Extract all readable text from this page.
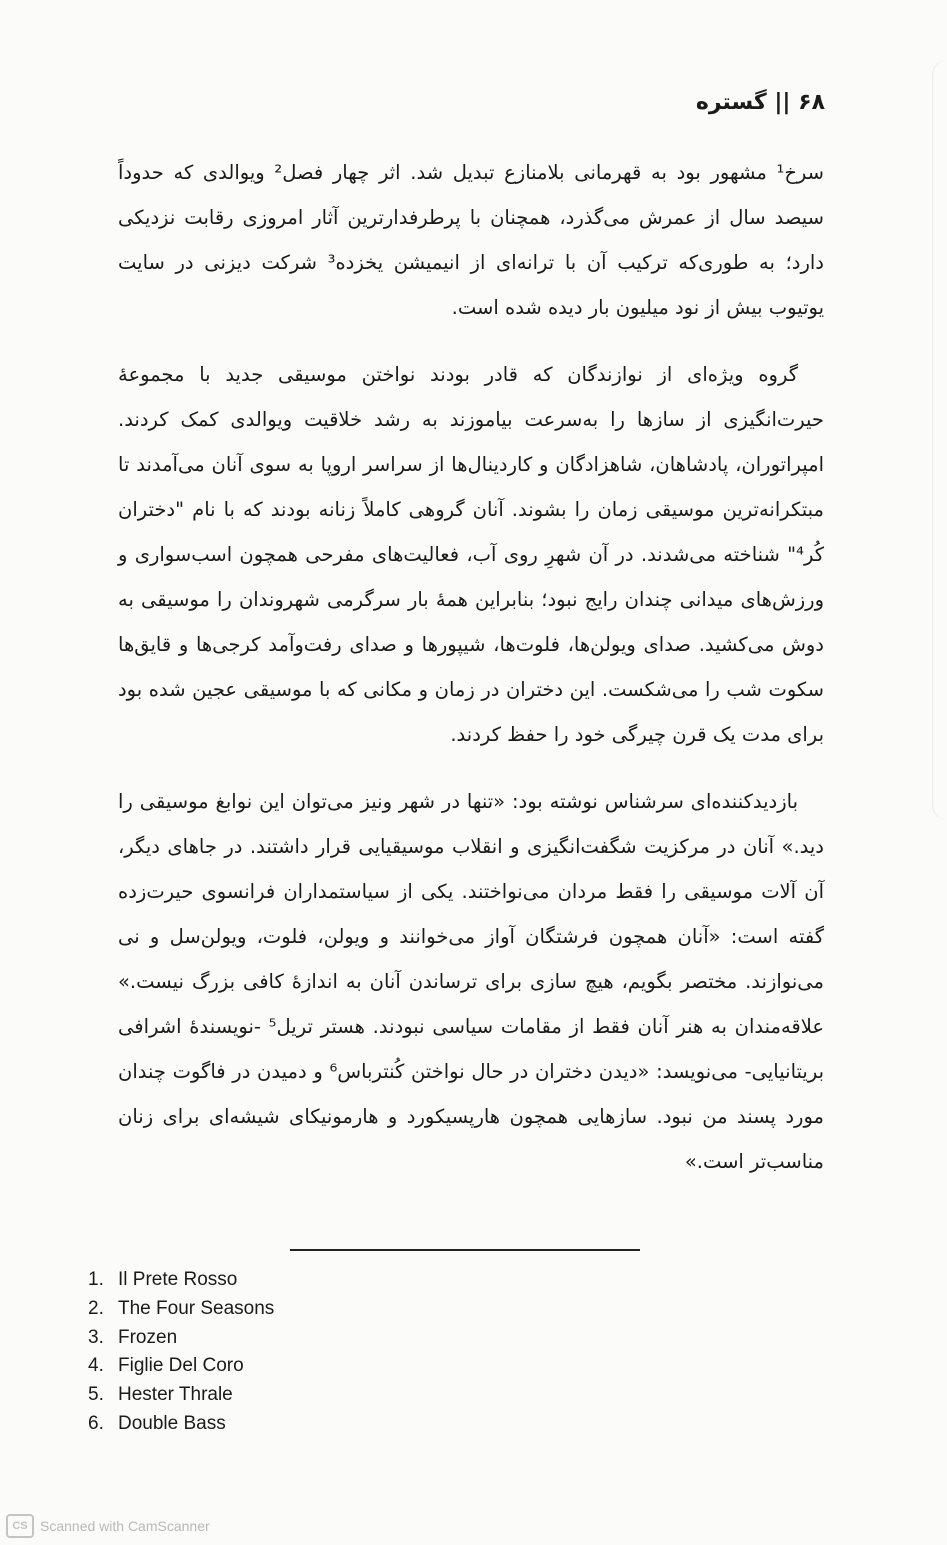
۶۸ || گستره

سرخ¹ مشهور بود به قهرمانی بلامنازع تبدیل شد. اثر چهار فصل² ویوالدی که حدوداً سیصد سال از عمرش می‌گذرد، همچنان با پرطرفدارترین آثار امروزی رقابت نزدیکی دارد؛ به طوری‌که ترکیب آن با ترانه‌ای از انیمیشن یخزده³ شرکت دیزنی در سایت یوتیوب بیش از نود میلیون بار دیده شده است.

گروه ویژه‌ای از نوازندگان که قادر بودند نواختن موسیقی جدید با مجموعهٔ حیرت‌انگیزی از سازها را به‌سرعت بیاموزند به رشد خلاقیت ویوالدی کمک کردند. امپراتوران، پادشاهان، شاهزادگان و کاردینال‌ها از سراسر اروپا به سوی آنان می‌آمدند تا مبتکرانه‌ترین موسیقی زمان را بشوند. آنان گروهی کاملاً زنانه بودند که با نام "دختران کُر⁴" شناخته می‌شدند. در آن شهرِ روی آب، فعالیت‌های مفرحی همچون اسب‌سواری و ورزش‌های میدانی چندان رایج نبود؛ بنابراین همهٔ بار سرگرمی شهروندان را موسیقی به دوش می‌کشید. صدای ویولن‌ها، فلوت‌ها، شیپورها و صدای رفت‌وآمد کرجی‌ها و قایق‌ها سکوت شب را می‌شکست. این دختران در زمان و مکانی که با موسیقی عجین شده بود برای مدت یک قرن چیرگی خود را حفظ کردند.

بازدیدکننده‌ای سرشناس نوشته بود: «تنها در شهر ونیز می‌توان این نوابغ موسیقی را دید.» آنان در مرکزیت شگفت‌انگیزی و انقلاب موسیقیایی قرار داشتند. در جاهای دیگر، آن آلات موسیقی را فقط مردان می‌نواختند. یکی از سیاستمداران فرانسوی حیرت‌زده گفته است: «آنان همچون فرشتگان آواز می‌خوانند و ویولن، فلوت، ویولن‌سل و نی می‌نوازند. مختصر بگویم، هیچ سازی برای ترساندن آنان به اندازهٔ کافی بزرگ نیست.» علاقه‌مندان به هنر آنان فقط از مقامات سیاسی نبودند. هستر تریل⁵ -نویسندهٔ اشرافی بریتانیایی- می‌نویسد: «دیدن دختران در حال نواختن کُنترباس⁶ و دمیدن در فاگوت چندان مورد پسند من نبود. سازهایی همچون هارپسیکورد و هارمونیکای شیشه‌ای برای زنان مناسب‌تر است.»

1. Il Prete Rosso
2. The Four Seasons
3. Frozen
4. Figlie Del Coro
5. Hester Thrale
6. Double Bass
CS Scanned with CamScanner
